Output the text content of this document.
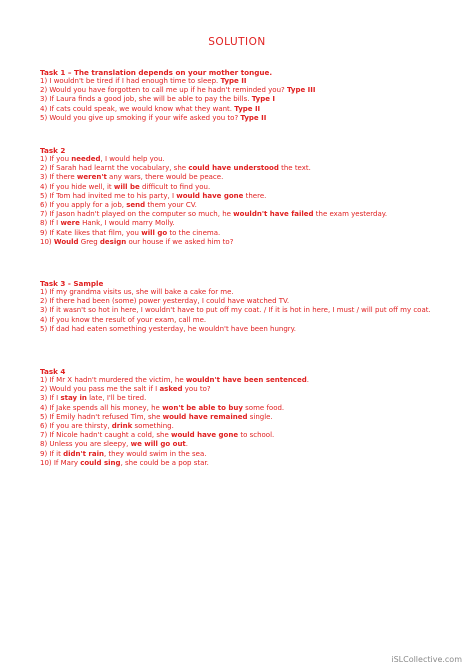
SOLUTION
Task 1 – The translation depends on your mother tongue.
1) I wouldn't be tired if I had enough time to sleep. Type II
2) Would you have forgotten to call me up if he hadn't reminded you? Type III
3) If Laura finds a good job, she will be able to pay the bills. Type I
4) If cats could speak, we would know what they want. Type II
5) Would you give up smoking if your wife asked you to? Type II
Task 2
1) If you needed, I would help you.
2) If Sarah had learnt the vocabulary, she could have understood the text.
3) If there weren't any wars, there would be peace.
4) If you hide well, it will be difficult to find you.
5) If Tom had invited me to his party, I would have gone there.
6) If you apply for a job, send them your CV.
7) If Jason hadn't played on the computer so much, he wouldn't have failed the exam yesterday.
8) If I were Hank, I would marry Molly.
9) If Kate likes that film, you will go to the cinema.
10) Would Greg design our house if we asked him to?
Task 3 - Sample
1) If my grandma visits us, she will bake a cake for me.
2) If there had been (some) power yesterday, I could have watched TV.
3) If it wasn't so hot in here, I wouldn't have to put off my coat. / If it is hot in here, I must / will put off my coat.
4) If you know the result of your exam, call me.
5) If dad had eaten something yesterday, he wouldn't have been hungry.
Task 4
1) If Mr X hadn't murdered the victim, he wouldn't have been sentenced.
2) Would you pass me the salt if I asked you to?
3) If I stay in late, I'll be tired.
4) If Jake spends all his money, he won't be able to buy some food.
5) If Emily hadn't refused Tim, she would have remained single.
6) If you are thirsty, drink something.
7) If Nicole hadn't caught a cold, she would have gone to school.
8) Unless you are sleepy, we will go out.
9) If it didn't rain, they would swim in the sea.
10) If Mary could sing, she could be a pop star.
iSLCollective.com
